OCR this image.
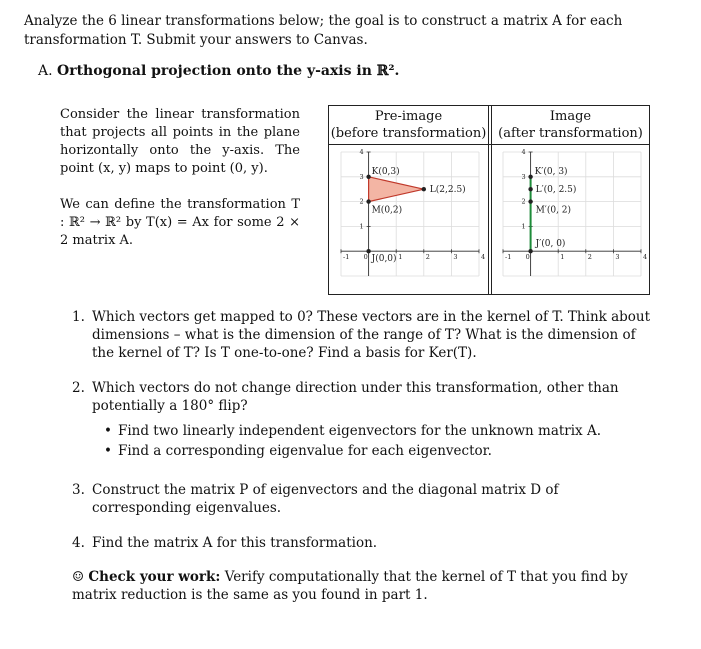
Analyze the 6 linear transformations below; the goal is to construct a matrix A for each transformation T. Submit your answers to Canvas.
A. Orthogonal projection onto the y-axis in ℝ².
Consider the linear transformation that projects all points in the plane horizontally onto the y-axis. The point (x, y) maps to point (0, y).
We can define the transformation T : ℝ² → ℝ² by T(x) = Ax for some 2 × 2 matrix A.
Pre-image
(before transformation)
Image
(after transformation)
-1 0	1	2	3	4
1
2
3
4
K(0,3)
L(2,2.5)
M(0,2)
J(0,0)	-1 0	1	2	3	4
1
2
3
4
K′(0, 3)
L′(0, 2.5)
M′(0, 2)
J′(0, 0)
1. Which vectors get mapped to 0? These vectors are in the kernel of T. Think about dimensions – what is the dimension of the range of T? What is the dimension of the kernel of T? Is T one-to-one? Find a basis for Ker(T).
2. Which vectors do not change direction under this transformation, other than potentially a 180° flip?
• Find two linearly independent eigenvectors for the unknown matrix A.
• Find a corresponding eigenvalue for each eigenvector.
3. Construct the matrix P of eigenvectors and the diagonal matrix D of corresponding eigenvalues.
4. Find the matrix A for this transformation.
☺ Check your work: Verify computationally that the kernel of T that you find by matrix reduction is the same as you found in part 1.
